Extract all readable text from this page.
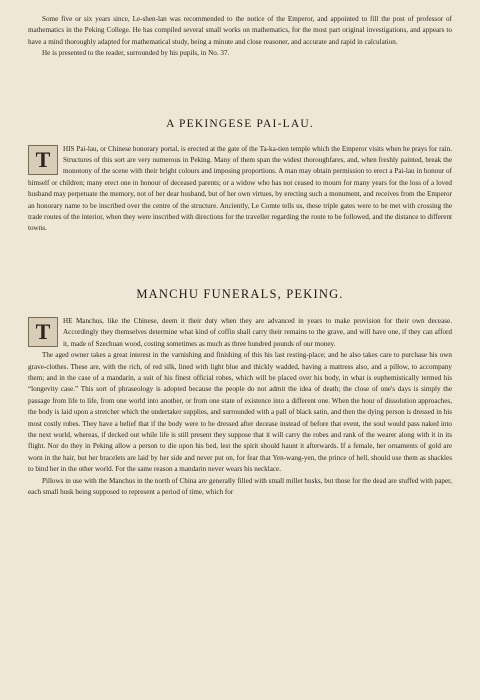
Some five or six years since, Le-shen-lan was recommended to the notice of the Emperor, and appointed to fill the post of professor of mathematics in the Peking College. He has compiled several small works on mathematics, for the most part original investigations, and appears to have a mind thoroughly adapted for mathematical study, being a minute and close reasoner, and accurate and rapid in calculation.

He is presented to the reader, surrounded by his pupils, in No. 37.

A PEKINGESE PAI-LAU.
T	HIS Pai-lau, or Chinese honorary portal, is erected at the gate of the Ta-ka-tien temple which the Emperor visits when he prays for rain. Structures of this sort are very numerous in Peking. Many of them span the widest thoroughfares, and, when freshly painted, break the monotony of the scene with their bright colours and imposing proportions. A man may obtain permission to erect a Pai-lau in honour of himself or children; many erect one in honour of deceased parents; or a widow who has not ceased to mourn for many years for the loss of a loved husband may perpetuate the memory, not of her dear husband, but of her own virtues, by erecting such a monument, and receives from the Emperor an honorary name to be inscribed over the centre of the structure. Anciently, Le Comte tells us, these triple gates were to be met with crossing the trade routes of the interior, when they were inscribed with directions for the traveller regarding the route to be followed, and the distance to different towns.

MANCHU FUNERALS, PEKING.
T	HE Manchus, like the Chinese, deem it their duty when they are advanced in years to make provision for their own decease. Accordingly they themselves determine what kind of coffin shall carry their remains to the grave, and will have one, if they can afford it, made of Szechuan wood, costing sometimes as much as three hundred pounds of our money.

The aged owner takes a great interest in the varnishing and finishing of this his last resting-place; and he also takes care to purchase his own grave-clothes. These are, with the rich, of red silk, lined with light blue and thickly wadded, having a mattress also, and a pillow, to accompany them; and in the case of a mandarin, a suit of his finest official robes, which will be placed over his body, in what is euphemistically termed his “longevity case.” This sort of phraseology is adopted because the people do not admit the idea of death; the close of one's days is simply the passage from life to life, from one world into another, or from one state of existence into a different one. When the hour of dissolution approaches, the body is laid upon a stretcher which the undertaker supplies, and surrounded with a pall of black satin, and then the dying person is dressed in his most costly robes. They have a belief that if the body were to be dressed after decease instead of before that event, the soul would pass naked into the next world, whereas, if decked out while life is still present they suppose that it will carry the robes and rank of the wearer along with it in its flight. Nor do they in Peking allow a person to die upon his bed, lest the spirit should haunt it afterwards. If a female, her ornaments of gold are worn in the hair, but her bracelets are laid by her side and never put on, for fear that Yen-wang-yen, the prince of hell, should use them as shackles to bind her in the other world. For the same reason a mandarin never wears his necklace.

Pillows in use with the Manchus in the north of China are generally filled with small millet husks, but those for the dead are stuffed with paper, each small husk being supposed to represent a period of time, which for
